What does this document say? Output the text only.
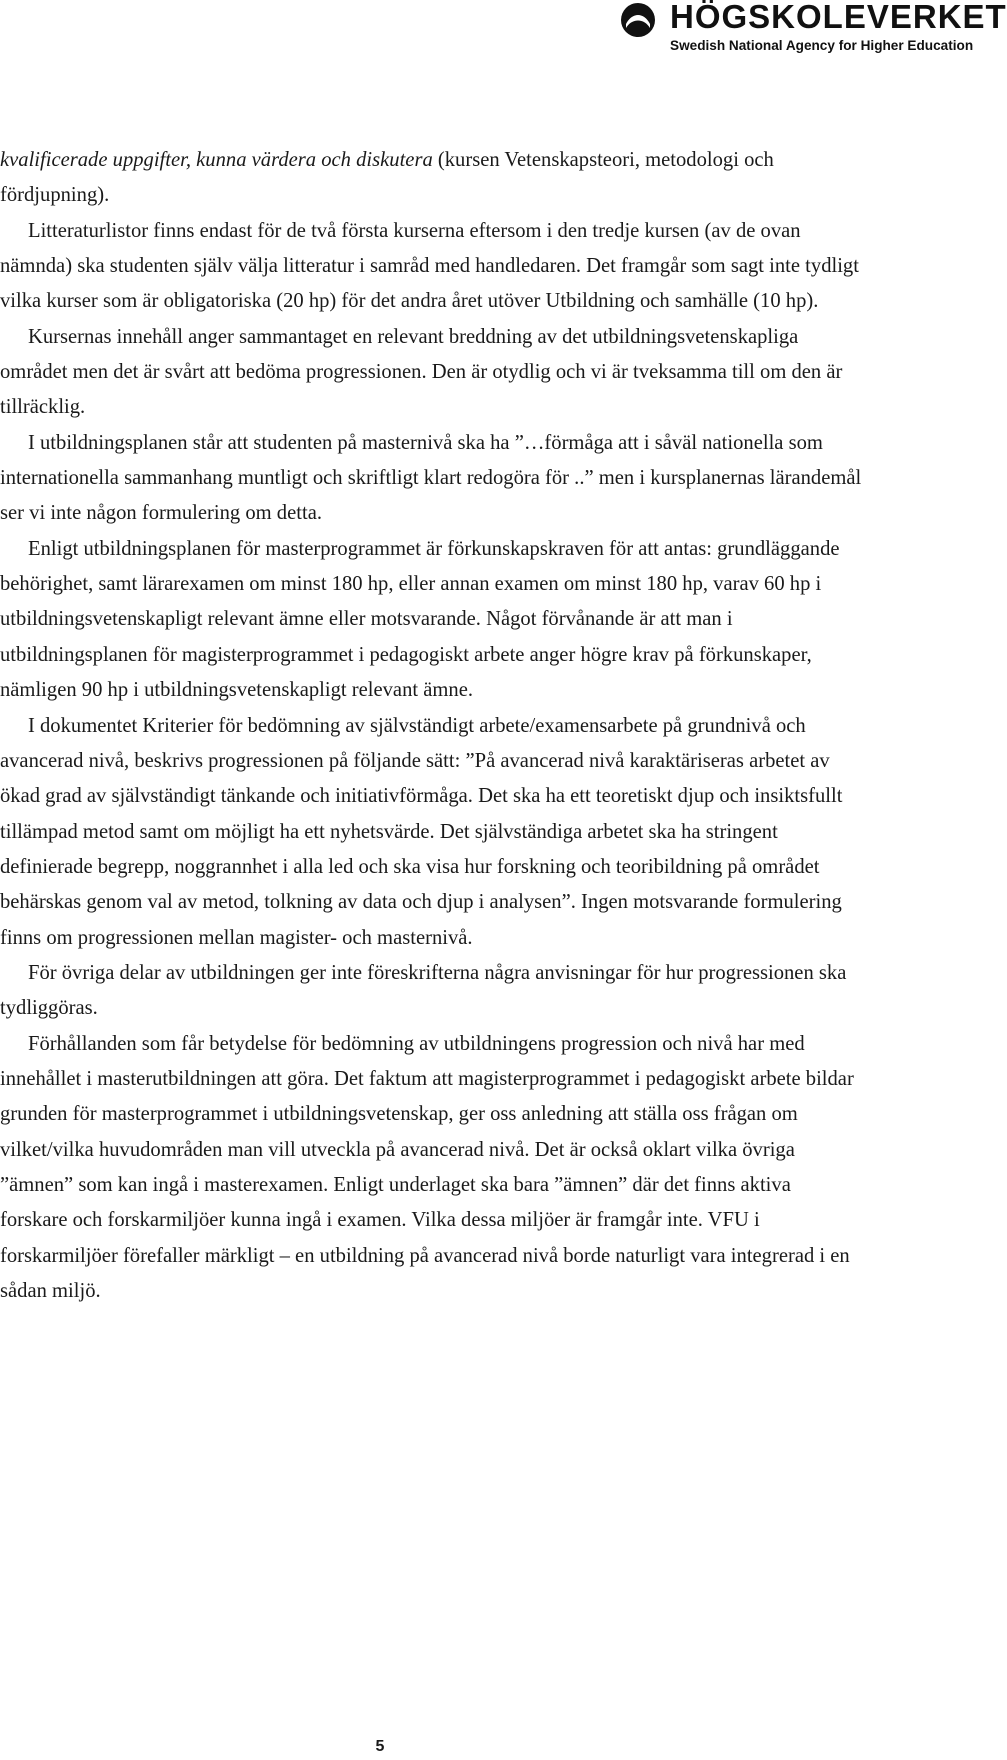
HÖGSKOLEVERKET
Swedish National Agency for Higher Education

kvalificerade uppgifter, kunna värdera och diskutera (kursen Vetenskapsteori, metodologi och fördjupning).

Litteraturlistor finns endast för de två första kurserna eftersom i den tredje kursen (av de ovan nämnda) ska studenten själv välja litteratur i samråd med handledaren. Det framgår som sagt inte tydligt vilka kurser som är obligatoriska (20 hp) för det andra året utöver Utbildning och samhälle (10 hp).

Kursernas innehåll anger sammantaget en relevant breddning av det utbildningsvetenskapliga området men det är svårt att bedöma progressionen. Den är otydlig och vi är tveksamma till om den är tillräcklig.

I utbildningsplanen står att studenten på masternivå ska ha ”…förmåga att i såväl nationella som internationella sammanhang muntligt och skriftligt klart redogöra för ..” men i kursplanernas lärandemål ser vi inte någon formulering om detta.

Enligt utbildningsplanen för masterprogrammet är förkunskapskraven för att antas: grundläggande behörighet, samt lärarexamen om minst 180 hp, eller annan examen om minst 180 hp, varav 60 hp i utbildningsvetenskapligt relevant ämne eller motsvarande. Något förvånande är att man i utbildningsplanen för magisterprogrammet i pedagogiskt arbete anger högre krav på förkunskaper, nämligen 90 hp i utbildningsvetenskapligt relevant ämne.

I dokumentet Kriterier för bedömning av självständigt arbete/examensarbete på grundnivå och avancerad nivå, beskrivs progressionen på följande sätt: ”På avancerad nivå karaktäriseras arbetet av ökad grad av självständigt tänkande och initiativförmåga. Det ska ha ett teoretiskt djup och insiktsfullt tillämpad metod samt om möjligt ha ett nyhetsvärde. Det självständiga arbetet ska ha stringent definierade begrepp, noggrannhet i alla led och ska visa hur forskning och teoribildning på området behärskas genom val av metod, tolkning av data och djup i analysen”. Ingen motsvarande formulering finns om progressionen mellan magister- och masternivå.

För övriga delar av utbildningen ger inte föreskrifterna några anvisningar för hur progressionen ska tydliggöras.

Förhållanden som får betydelse för bedömning av utbildningens progression och nivå har med innehållet i masterutbildningen att göra. Det faktum att magisterprogrammet i pedagogiskt arbete bildar grunden för masterprogrammet i utbildningsvetenskap, ger oss anledning att ställa oss frågan om vilket/vilka huvudområden man vill utveckla på avancerad nivå. Det är också oklart vilka övriga ”ämnen” som kan ingå i masterexamen. Enligt underlaget ska bara ”ämnen” där det finns aktiva forskare och forskarmiljöer kunna ingå i examen. Vilka dessa miljöer är framgår inte. VFU i forskarmiljöer förefaller märkligt – en utbildning på avancerad nivå borde naturligt vara integrerad i en sådan miljö.

5
